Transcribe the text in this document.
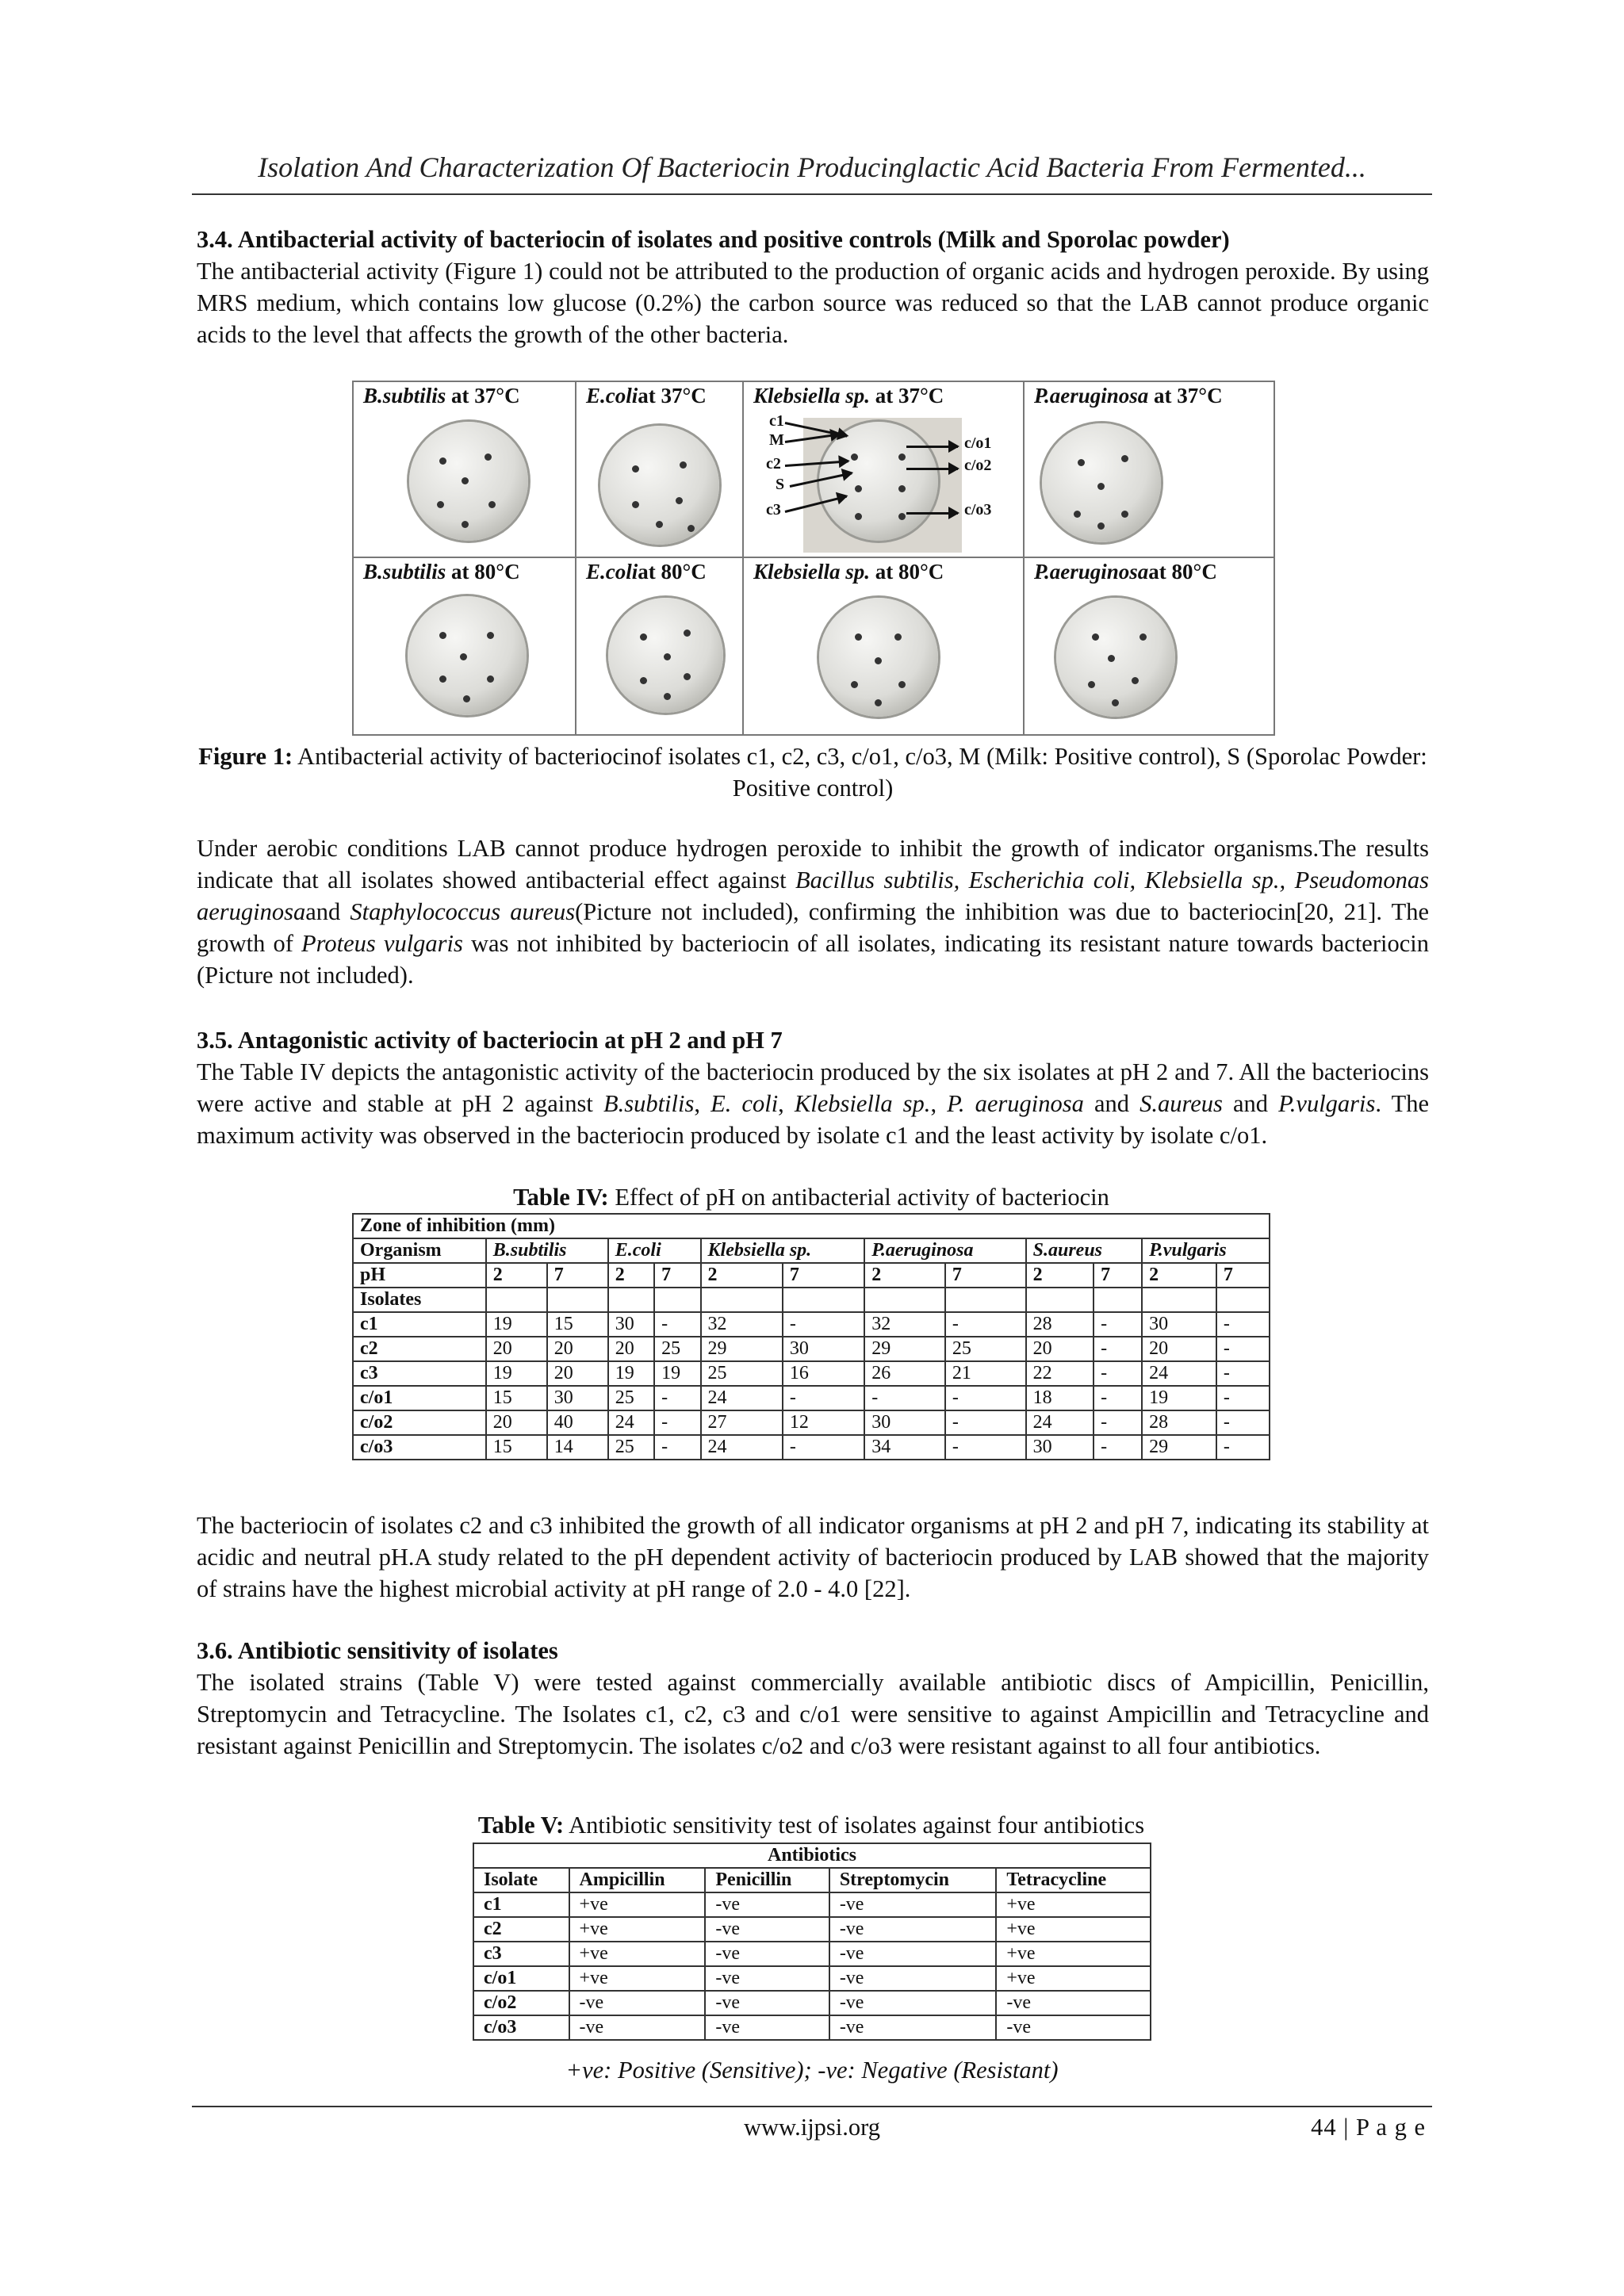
Isolation And Characterization Of Bacteriocin Producinglactic Acid Bacteria From Fermented...

3.4. Antibacterial activity of bacteriocin of isolates and positive controls (Milk and Sporolac powder)

The antibacterial activity (Figure 1) could not be attributed to the production of organic acids and hydrogen peroxide. By using MRS medium, which contains low glucose (0.2%) the carbon source was reduced so that the LAB cannot produce organic acids to the level that affects the growth of the other bacteria.

B.subtilis at 37°C	E.coliat 37°C Klebsiella sp. at 37°C
c1
M
c2
S
c3
c/o1
c/o2
c/o3
P.aeruginosa at 37°C
B.subtilis at 80°C	E.coliat 80°C Klebsiella sp. at 80°C	P.aeruginosaat 80°C
Figure 1: Antibacterial activity of bacteriocinof isolates c1, c2, c3, c/o1, c/o3, M (Milk: Positive control), S (Sporolac Powder: Positive control)

Under aerobic conditions LAB cannot produce hydrogen peroxide to inhibit the growth of indicator organisms.The results indicate that all isolates showed antibacterial effect against Bacillus subtilis, Escherichia coli, Klebsiella sp., Pseudomonas aeruginosaand Staphylococcus aureus(Picture not included), confirming the inhibition was due to bacteriocin[20, 21]. The growth of Proteus vulgaris was not inhibited by bacteriocin of all isolates, indicating its resistant nature towards bacteriocin (Picture not included).

3.5. Antagonistic activity of bacteriocin at pH 2 and pH 7

The Table IV depicts the antagonistic activity of the bacteriocin produced by the six isolates at pH 2 and 7. All the bacteriocins were active and stable at pH 2 against B.subtilis, E. coli, Klebsiella sp., P. aeruginosa and S.aureus and P.vulgaris. The maximum activity was observed in the bacteriocin produced by isolate c1 and the least activity by isolate c/o1.

Table IV: Effect of pH on antibacterial activity of bacteriocin
Zone of inhibition (mm)												
Organism	B.subtilis		E.coli		Klebsiella sp.		P.aeruginosa		S.aureus		P.vulgaris	
pH	2	7	2	7	2	7	2	7	2	7	2	7
Isolates												
c1	19	15	30	-	32	-	32	-	28	-	30	-
c2	20	20	20	25	29	30	29	25	20	-	20	-
c3	19	20	19	19	25	16	26	21	22	-	24	-
c/o1	15	30	25	-	24	-	-	-	18	-	19	-
c/o2	20	40	24	-	27	12	30	-	24	-	28	-
c/o3	15	14	25	-	24	-	34	-	30	-	29	-

The bacteriocin of isolates c2 and c3 inhibited the growth of all indicator organisms at pH 2 and pH 7, indicating its stability at acidic and neutral pH.A study related to the pH dependent activity of bacteriocin produced by LAB showed that the majority of strains have the highest microbial activity at pH range of 2.0 - 4.0 [22].

3.6. Antibiotic sensitivity of isolates

The isolated strains (Table V) were tested against commercially available antibiotic discs of Ampicillin, Penicillin, Streptomycin and Tetracycline. The Isolates c1, c2, c3 and c/o1 were sensitive to against Ampicillin and Tetracycline and resistant against Penicillin and Streptomycin. The isolates c/o2 and c/o3 were resistant against to all four antibiotics.

Table V: Antibiotic sensitivity test of isolates against four antibiotics
Antibiotics				
Isolate	Ampicillin	Penicillin	Streptomycin	Tetracycline
c1	+ve	-ve	-ve	+ve
c2	+ve	-ve	-ve	+ve
c3	+ve	-ve	-ve	+ve
c/o1	+ve	-ve	-ve	+ve
c/o2	-ve	-ve	-ve	-ve
c/o3	-ve	-ve	-ve	-ve
+ve: Positive (Sensitive); -ve: Negative (Resistant)
www.ijpsi.org	44 | P a g e
